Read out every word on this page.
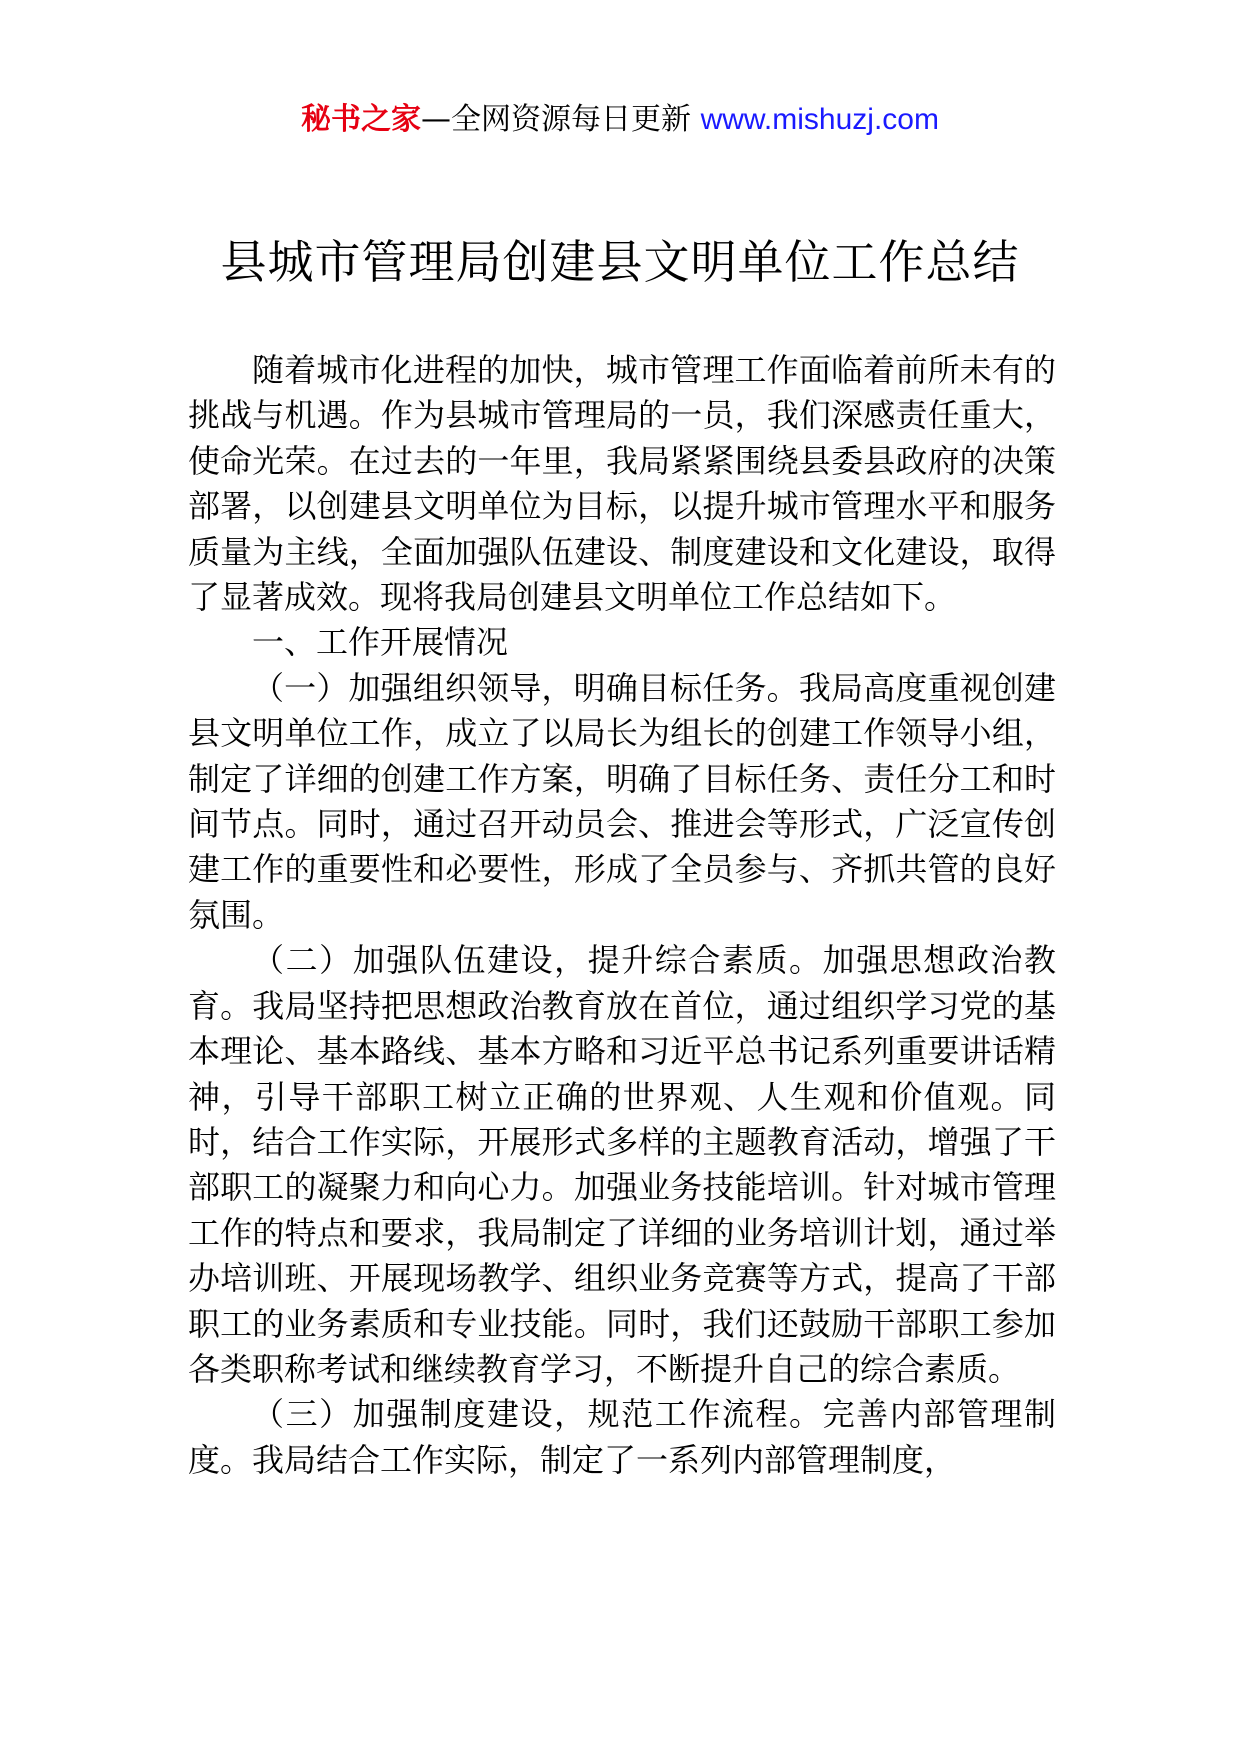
秘书之家—全网资源每日更新 www.mishuzj.com
县城市管理局创建县文明单位工作总结

随着城市化进程的加快，城市管理工作面临着前所未有的挑战与机遇。作为县城市管理局的一员，我们深感责任重大，使命光荣。在过去的一年里，我局紧紧围绕县委县政府的决策部署，以创建县文明单位为目标，以提升城市管理水平和服务质量为主线，全面加强队伍建设、制度建设和文化建设，取得了显著成效。现将我局创建县文明单位工作总结如下。

一、工作开展情况

（一）加强组织领导，明确目标任务。我局高度重视创建县文明单位工作，成立了以局长为组长的创建工作领导小组，制定了详细的创建工作方案，明确了目标任务、责任分工和时间节点。同时，通过召开动员会、推进会等形式，广泛宣传创建工作的重要性和必要性，形成了全员参与、齐抓共管的良好氛围。

（二）加强队伍建设，提升综合素质。加强思想政治教育。我局坚持把思想政治教育放在首位，通过组织学习党的基本理论、基本路线、基本方略和习近平总书记系列重要讲话精神，引导干部职工树立正确的世界观、人生观和价值观。同时，结合工作实际，开展形式多样的主题教育活动，增强了干部职工的凝聚力和向心力。加强业务技能培训。针对城市管理工作的特点和要求，我局制定了详细的业务培训计划，通过举办培训班、开展现场教学、组织业务竞赛等方式，提高了干部职工的业务素质和专业技能。同时，我们还鼓励干部职工参加各类职称考试和继续教育学习，不断提升自己的综合素质。

（三）加强制度建设，规范工作流程。完善内部管理制度。我局结合工作实际，制定了一系列内部管理制度，
